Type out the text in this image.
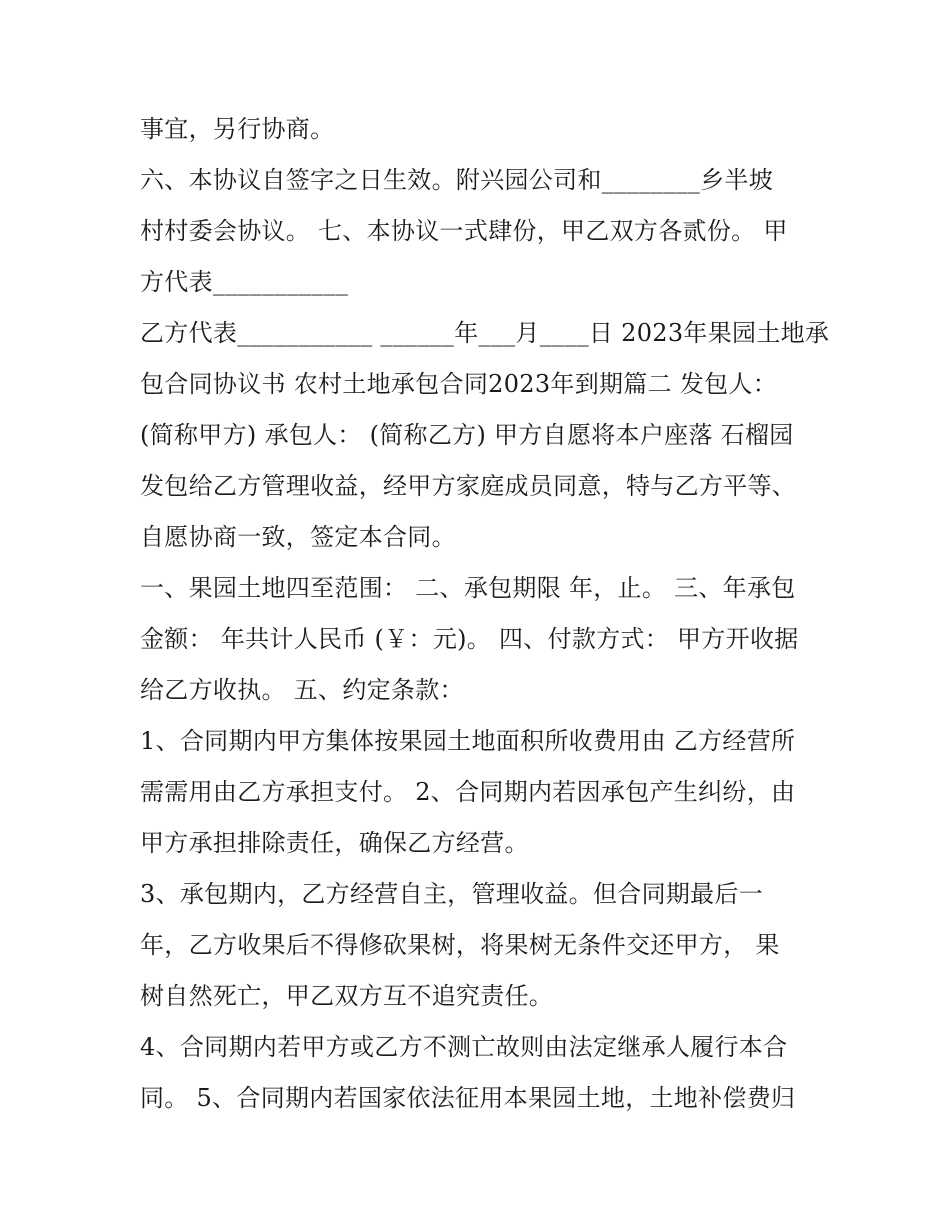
事宜，另行协商。
六、本协议自签字之日生效。附兴园公司和________乡半坡
村村委会协议。 七、本协议一式肆份，甲乙双方各贰份。 甲
方代表___________
乙方代表___________ ______年___月____日 2023年果园土地承
包合同协议书 农村土地承包合同2023年到期篇二 发包人：
(简称甲方) 承包人： (简称乙方) 甲方自愿将本户座落 石榴园
发包给乙方管理收益，经甲方家庭成员同意，特与乙方平等、
自愿协商一致，签定本合同。
一、果园土地四至范围： 二、承包期限 年，止。 三、年承包
金额： 年共计人民币 (￥：元)。 四、付款方式： 甲方开收据
给乙方收执。 五、约定条款：
1、合同期内甲方集体按果园土地面积所收费用由 乙方经营所
需需用由乙方承担支付。 2、合同期内若因承包产生纠纷，由
甲方承担排除责任，确保乙方经营。
3、承包期内，乙方经营自主，管理收益。但合同期最后一
年，乙方收果后不得修砍果树，将果树无条件交还甲方， 果
树自然死亡，甲乙双方互不追究责任。
4、合同期内若甲方或乙方不测亡故则由法定继承人履行本合
同。 5、合同期内若国家依法征用本果园土地，土地补偿费归
